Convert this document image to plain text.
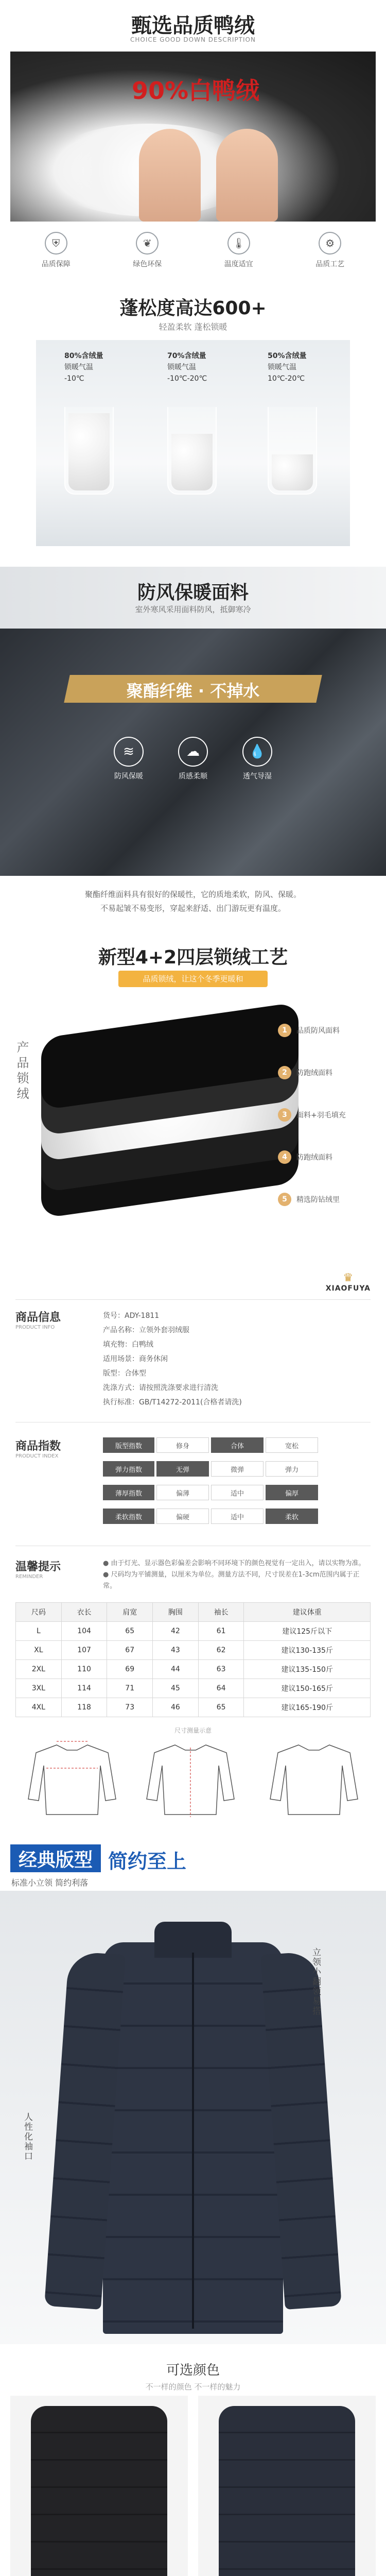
甄选品质鸭绒
CHOICE GOOD DOWN DESCRIPTION
90%白鸭绒
⛨
品质保障
❦
绿色环保
🌡
温度适宜
⚙
品质工艺
蓬松度高达600+
轻盈柔软 蓬松锁暖
80%含绒量
锁暖气温
-10℃
70%含绒量
锁暖气温
-10℃-20℃
50%含绒量
锁暖气温
10℃-20℃
防风保暖面料
室外寒风采用面料防风，抵御寒冷
聚酯纤维 · 不掉水
≋
防风保暖
☁
质感柔顺
💧
透气导湿
聚酯纤维面料具有很好的保暖性，它的质地柔软，防风、保暖。
不易起皱不易变形，穿起来舒适、出门游玩更有温度。
新型4+2四层锁绒工艺
品质锁绒，让这个冬季更暖和
产品锁绒
1	品质防风面料
2	防跑绒面料
3	面料+羽毛填充
4	防跑绒面料
5	精选防钻绒里
♛
XIAOFUYA
商品信息
PRODUCT INFO
货号：ADY-1811
产品名称：立领外套羽绒服
填充物：白鸭绒
适用场景：商务休闲
版型：合体型
洗涤方式：请按照洗涤要求进行清洗
执行标准：GB/T14272-2011(合格者请洗)
商品指数
PRODUCT INDEX
版型指数	修身	合体	宽松
弹力指数	无弹	微弹	弹力
薄厚指数	偏薄	适中	偏厚
柔软指数	偏硬	适中	柔软
温馨提示
REMINDER
● 由于灯光、显示器色彩偏差会影响不同环境下的颜色视觉有一定出入，请以实物为准。
● 尺码均为平铺测量，以厘米为单位。测量方法不同，尺寸误差在1-3cm范围内属于正常。
尺码	衣长	肩宽	胸围	袖长	建议体重
L	104	65	42	61	建议125斤以下
XL	107	67	43	62	建议130-135斤
2XL	110	69	44	63	建议135-150斤
3XL	114	71	45	64	建议150-165斤
4XL	118	73	46	65	建议165-190斤
尺寸测量示意
经典版型 简约至上
标准小立领 简约利落
立领小翻领易搭
人性化袖口
可选颜色
不一样的颜色 不一样的魅力
